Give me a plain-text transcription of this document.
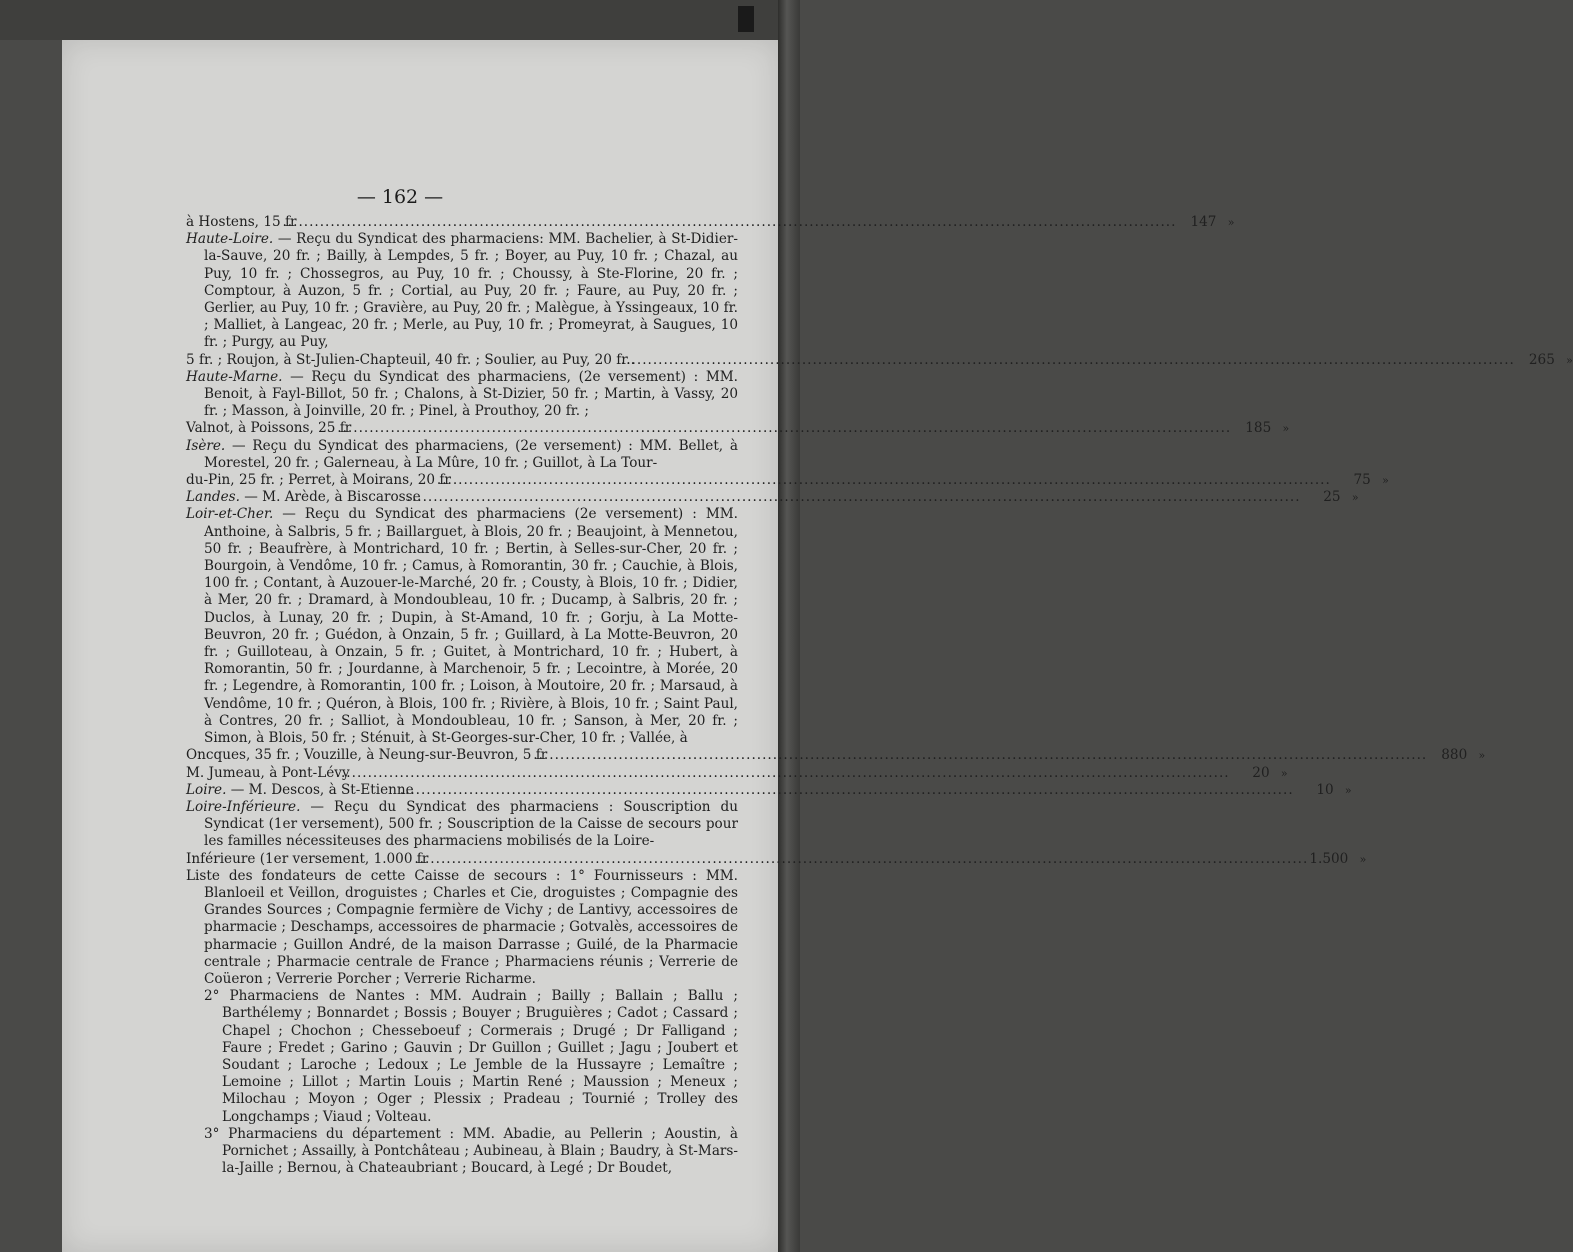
— 162 —
à Hostens, 15 fr .....	147	»
Haute-Loire. — Reçu du Syndicat des pharmaciens: MM. Bachelier, à St-Didier-la-Sauve, 20 fr. ; Bailly, à Lempdes, 5 fr. ; Boyer, au Puy, 10 fr. ; Chazal, au Puy, 10 fr. ; Chossegros, au Puy, 10 fr. ; Choussy, à Ste-Florine, 20 fr. ; Comptour, à Auzon, 5 fr. ; Cortial, au Puy, 20 fr. ; Faure, au Puy, 20 fr. ; Gerlier, au Puy, 10 fr. ; Gravière, au Puy, 20 fr. ; Malègue, à Yssingeaux, 10 fr. ; Malliet, à Langeac, 20 fr. ; Merle, au Puy, 10 fr. ; Promeyrat, à Saugues, 10 fr. ; Purgy, au Puy,
5 fr. ; Roujon, à St-Julien-Chapteuil, 40 fr. ; Soulier, au Puy, 20 fr.. .....	265	»
Haute-Marne. — Reçu du Syndicat des pharmaciens, (2e versement) : MM. Benoit, à Fayl-Billot, 50 fr. ; Chalons, à St-Dizier, 50 fr. ; Martin, à Vassy, 20 fr. ; Masson, à Joinville, 20 fr. ; Pinel, à Prouthoy, 20 fr. ;
Valnot, à Poissons, 25 fr .....	185	»
Isère. — Reçu du Syndicat des pharmaciens, (2e versement) : MM. Bellet, à Morestel, 20 fr. ; Galerneau, à La Mûre, 10 fr. ; Guillot, à La Tour-
du-Pin, 25 fr. ; Perret, à Moirans, 20 fr .....	75	»
Landes. — M. Arède, à Biscarosse .....	25	»
Loir-et-Cher. — Reçu du Syndicat des pharmaciens (2e versement) : MM. Anthoine, à Salbris, 5 fr. ; Baillarguet, à Blois, 20 fr. ; Beaujoint, à Mennetou, 50 fr. ; Beaufrère, à Montrichard, 10 fr. ; Bertin, à Selles-sur-Cher, 20 fr. ; Bourgoin, à Vendôme, 10 fr. ; Camus, à Romorantin, 30 fr. ; Cauchie, à Blois, 100 fr. ; Contant, à Auzouer-le-Marché, 20 fr. ; Cousty, à Blois, 10 fr. ; Didier, à Mer, 20 fr. ; Dramard, à Mondoubleau, 10 fr. ; Ducamp, à Salbris, 20 fr. ; Duclos, à Lunay, 20 fr. ; Dupin, à St-Amand, 10 fr. ; Gorju, à La Motte-Beuvron, 20 fr. ; Guédon, à Onzain, 5 fr. ; Guillard, à La Motte-Beuvron, 20 fr. ; Guilloteau, à Onzain, 5 fr. ; Guitet, à Montrichard, 10 fr. ; Hubert, à Romorantin, 50 fr. ; Jourdanne, à Marchenoir, 5 fr. ; Lecointre, à Morée, 20 fr. ; Legendre, à Romorantin, 100 fr. ; Loison, à Moutoire, 20 fr. ; Marsaud, à Vendôme, 10 fr. ; Quéron, à Blois, 100 fr. ; Rivière, à Blois, 10 fr. ; Saint Paul, à Contres, 20 fr. ; Salliot, à Mondoubleau, 10 fr. ; Sanson, à Mer, 20 fr. ; Simon, à Blois, 50 fr. ; Sténuit, à St-Georges-sur-Cher, 10 fr. ; Vallée, à
Oncques, 35 fr. ; Vouzille, à Neung-sur-Beuvron, 5 fr .....	880	»
M. Jumeau, à Pont-Lévy .....	20	»
Loire. — M. Descos, à St-Etienne .....	10	»
Loire-Inférieure. — Reçu du Syndicat des pharmaciens : Souscription du Syndicat (1er versement), 500 fr. ; Souscription de la Caisse de secours pour les familles nécessiteuses des pharmaciens mobilisés de la Loire-
Inférieure (1er versement, 1.000 fr .....	1.500	»
Liste des fondateurs de cette Caisse de secours : 1° Fournisseurs : MM. Blanloeil et Veillon, droguistes ; Charles et Cie, droguistes ; Compagnie des Grandes Sources ; Compagnie fermière de Vichy ; de Lantivy, accessoires de pharmacie ; Deschamps, accessoires de pharmacie ; Gotvalès, accessoires de pharmacie ; Guillon André, de la maison Darrasse ; Guilé, de la Pharmacie centrale ; Pharmacie centrale de France ; Pharmaciens réunis ; Verrerie de Coüeron ; Verrerie Porcher ; Verrerie Richarme.
2° Pharmaciens de Nantes : MM. Audrain ; Bailly ; Ballain ; Ballu ; Barthélemy ; Bonnardet ; Bossis ; Bouyer ; Bruguières ; Cadot ; Cassard ; Chapel ; Chochon ; Chesseboeuf ; Cormerais ; Drugé ; Dr Falligand ; Faure ; Fredet ; Garino ; Gauvin ; Dr Guillon ; Guillet ; Jagu ; Joubert et Soudant ; Laroche ; Ledoux ; Le Jemble de la Hussayre ; Lemaître ; Lemoine ; Lillot ; Martin Louis ; Martin René ; Maussion ; Meneux ; Milochau ; Moyon ; Oger ; Plessix ; Pradeau ; Tournié ; Trolley des Longchamps ; Viaud ; Volteau.
3° Pharmaciens du département : MM. Abadie, au Pellerin ; Aoustin, à Pornichet ; Assailly, à Pontchâteau ; Aubineau, à Blain ; Baudry, à St-Mars-la-Jaille ; Bernou, à Chateaubriant ; Boucard, à Legé ; Dr Boudet,
